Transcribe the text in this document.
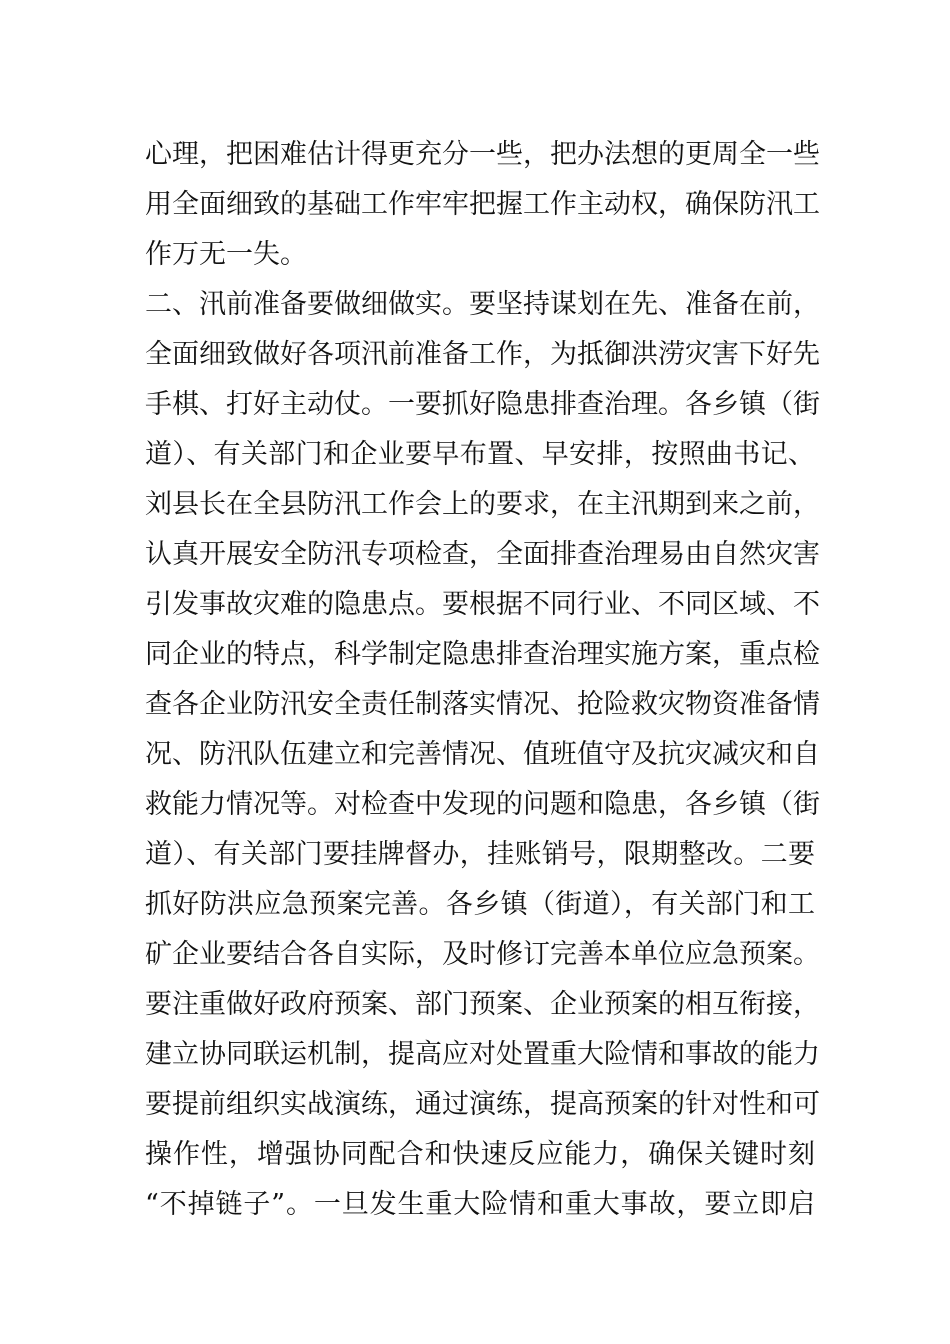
心理，把困难估计得更充分一些，把办法想的更周全一些
用全面细致的基础工作牢牢把握工作主动权，确保防汛工
作万无一失。
二、汛前准备要做细做实。要坚持谋划在先、准备在前，
全面细致做好各项汛前准备工作，为抵御洪涝灾害下好先
手棋、打好主动仗。一要抓好隐患排查治理。各乡镇（街
道）、有关部门和企业要早布置、早安排，按照曲书记、
刘县长在全县防汛工作会上的要求，在主汛期到来之前，
认真开展安全防汛专项检查，全面排查治理易由自然灾害
引发事故灾难的隐患点。要根据不同行业、不同区域、不
同企业的特点，科学制定隐患排查治理实施方案，重点检
查各企业防汛安全责任制落实情况、抢险救灾物资准备情
况、防汛队伍建立和完善情况、值班值守及抗灾减灾和自
救能力情况等。对检查中发现的问题和隐患，各乡镇（街
道）、有关部门要挂牌督办，挂账销号，限期整改。二要
抓好防洪应急预案完善。各乡镇（街道），有关部门和工
矿企业要结合各自实际，及时修订完善本单位应急预案。
要注重做好政府预案、部门预案、企业预案的相互衔接，
建立协同联运机制，提高应对处置重大险情和事故的能力
要提前组织实战演练，通过演练，提高预案的针对性和可
操作性，增强协同配合和快速反应能力，确保关键时刻
“不掉链子”。一旦发生重大险情和重大事故，要立即启
